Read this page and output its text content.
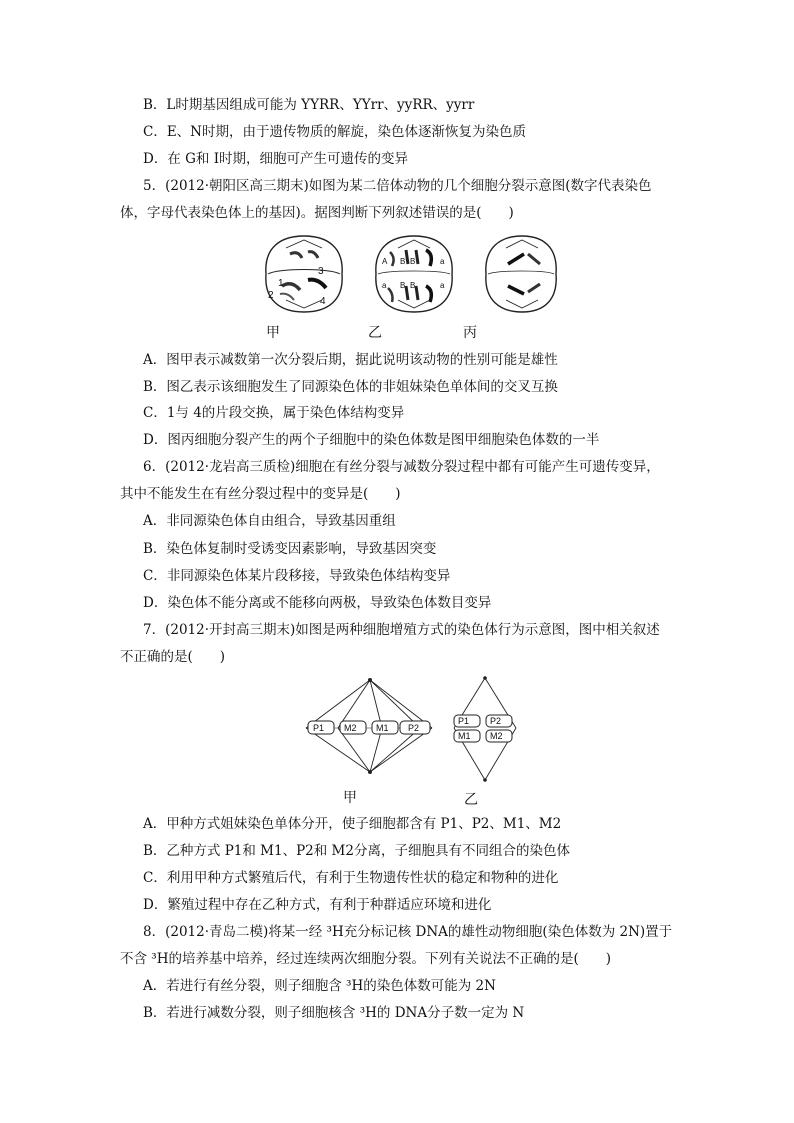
B．L时期基因组成可能为 YYRR、YYrr、yyRR、yyrr
C．E、N时期，由于遗传物质的解旋，染色体逐渐恢复为染色质
D．在 G和 I时期，细胞可产生可遗传的变异
5．(2012·朝阳区高三期末)如图为某二倍体动物的几个细胞分裂示意图(数字代表染色
体，字母代表染色体上的基因)。据图判断下列叙述错误的是(　　)
1
2
3
4
A B B	a
a B B	a
甲	乙	丙
A．图甲表示减数第一次分裂后期，据此说明该动物的性别可能是雄性
B．图乙表示该细胞发生了同源染色体的非姐妹染色单体间的交叉互换
C．1与 4的片段交换，属于染色体结构变异
D．图丙细胞分裂产生的两个子细胞中的染色体数是图甲细胞染色体数的一半
6．(2012·龙岩高三质检)细胞在有丝分裂与减数分裂过程中都有可能产生可遗传变异，
其中不能发生在有丝分裂过程中的变异是(　　)
A．非同源染色体自由组合，导致基因重组
B．染色体复制时受诱变因素影响，导致基因突变
C．非同源染色体某片段移接，导致染色体结构变异
D．染色体不能分离或不能移向两极，导致染色体数目变异
7．(2012·开封高三期末)如图是两种细胞增殖方式的染色体行为示意图，图中相关叙述
不正确的是(　　)
P1 M2 M1 P2
P1 P2
M1 M2
甲	乙
A．甲种方式姐妹染色单体分开，使子细胞都含有 P1、P2、M1、M2
B．乙种方式 P1和 M1、P2和 M2分离，子细胞具有不同组合的染色体
C．利用甲种方式繁殖后代，有利于生物遗传性状的稳定和物种的进化
D．繁殖过程中存在乙种方式，有利于种群适应环境和进化
8．(2012·青岛二模)将某一经 ³H充分标记核 DNA的雄性动物细胞(染色体数为 2N)置于
不含 ³H的培养基中培养，经过连续两次细胞分裂。下列有关说法不正确的是(　　)
A．若进行有丝分裂，则子细胞含 ³H的染色体数可能为 2N
B．若进行减数分裂，则子细胞核含 ³H的 DNA分子数一定为 N
